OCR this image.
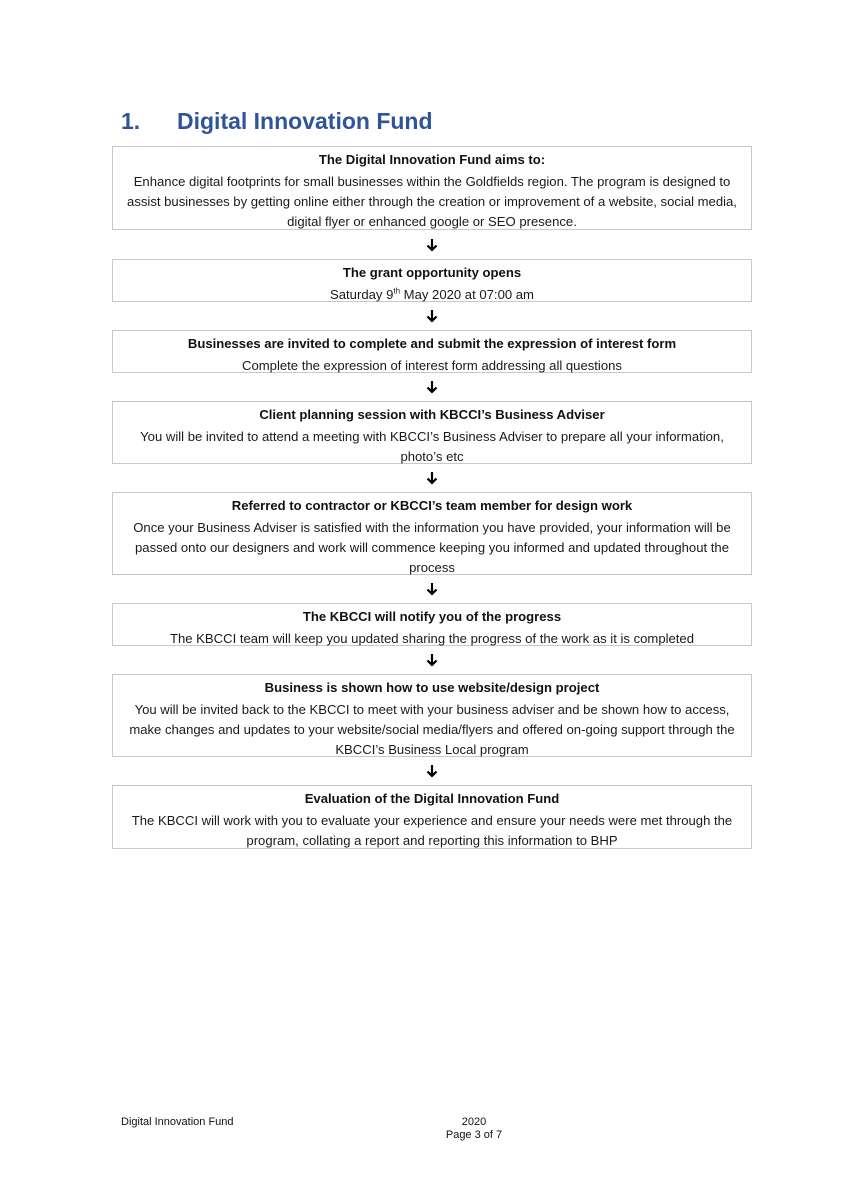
1.	Digital Innovation Fund
The Digital Innovation Fund aims to:
Enhance digital footprints for small businesses within the Goldfields region. The program is designed to assist businesses by getting online either through the creation or improvement of a website, social media, digital flyer or enhanced google or SEO presence.
The grant opportunity opens
Saturday 9th May 2020 at 07:00 am
Businesses are invited to complete and submit the expression of interest form
Complete the expression of interest form addressing all questions
Client planning session with KBCCI’s Business Adviser
You will be invited to attend a meeting with KBCCI’s Business Adviser to prepare all your information, photo’s etc
Referred to contractor or KBCCI’s team member for design work
Once your Business Adviser is satisfied with the information you have provided, your information will be passed onto our designers and work will commence keeping you informed and updated throughout the process
The KBCCI will notify you of the progress
The KBCCI team will keep you updated sharing the progress of the work as it is completed
Business is shown how to use website/design project
You will be invited back to the KBCCI to meet with your business adviser and be shown how to access, make changes and updates to your website/social media/flyers and offered on-going support through the KBCCI’s Business Local program
Evaluation of the Digital Innovation Fund
The KBCCI will work with you to evaluate your experience and ensure your needs were met through the program, collating a report and reporting this information to BHP
Digital Innovation Fund	2020
Page 3 of 7
